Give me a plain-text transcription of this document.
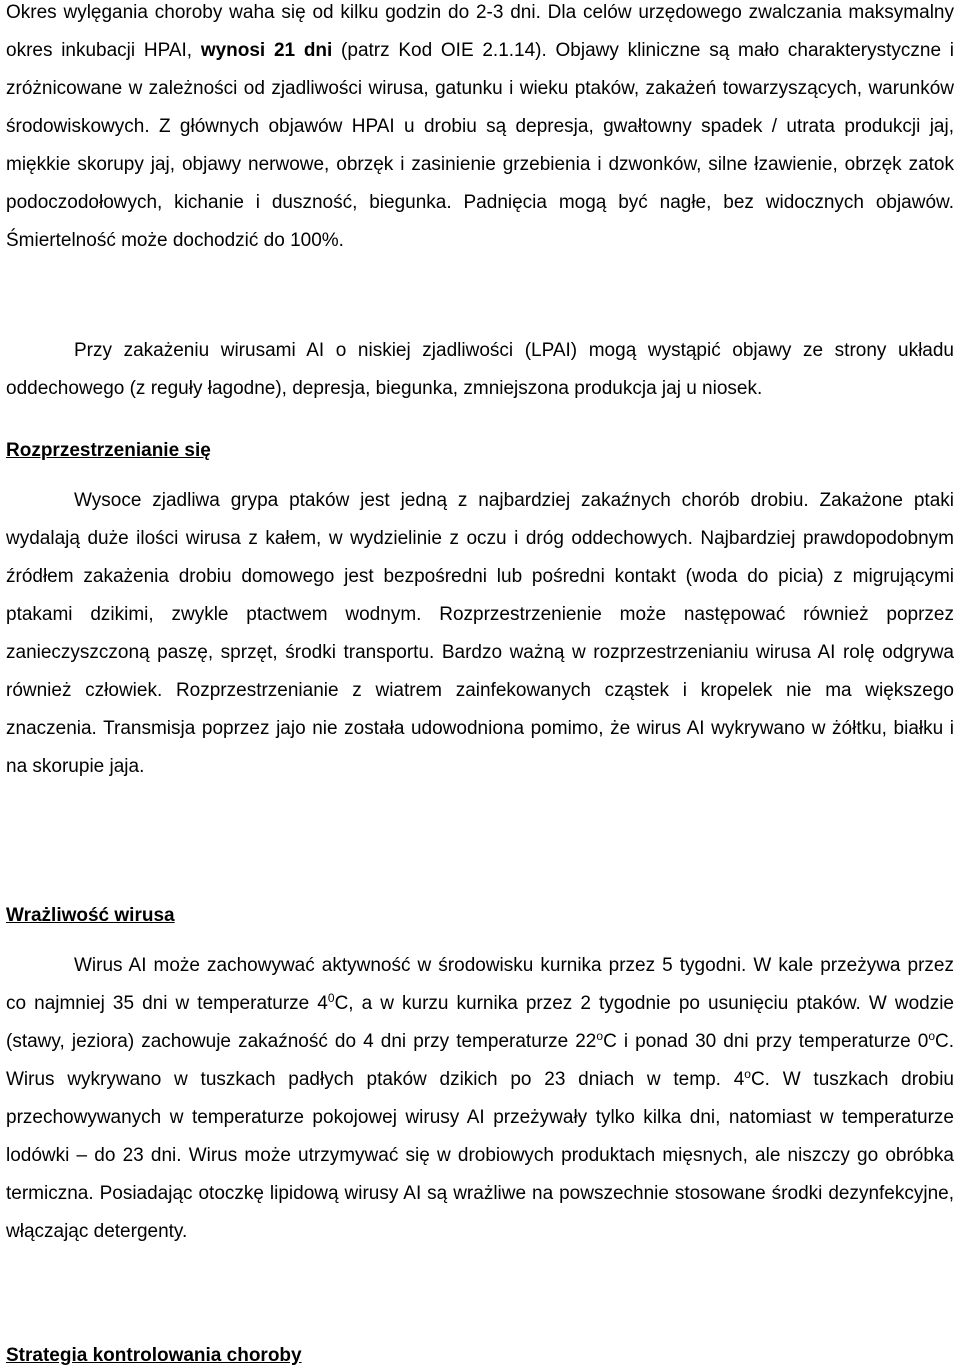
Okres wylęgania choroby waha się od kilku godzin do 2-3 dni. Dla celów urzędowego zwalczania maksymalny okres inkubacji HPAI, wynosi 21 dni (patrz Kod OIE 2.1.14). Objawy kliniczne są mało charakterystyczne i zróżnicowane w zależności od zjadliwości wirusa, gatunku i wieku ptaków, zakażeń towarzyszących, warunków środowiskowych. Z głównych objawów HPAI u drobiu są depresja, gwałtowny spadek / utrata produkcji jaj, miękkie skorupy jaj, objawy nerwowe, obrzęk i zasinienie grzebienia i dzwonków, silne łzawienie, obrzęk zatok podoczodołowych, kichanie i duszność, biegunka. Padnięcia mogą być nagłe, bez widocznych objawów. Śmiertelność może dochodzić do 100%.

Przy zakażeniu wirusami AI o niskiej zjadliwości (LPAI) mogą wystąpić objawy ze strony układu oddechowego (z reguły łagodne), depresja, biegunka, zmniejszona produkcja jaj u niosek.

Rozprzestrzenianie się

Wysoce zjadliwa grypa ptaków jest jedną z najbardziej zakaźnych chorób drobiu. Zakażone ptaki wydalają duże ilości wirusa z kałem, w wydzielinie z oczu i dróg oddechowych. Najbardziej prawdopodobnym źródłem zakażenia drobiu domowego jest bezpośredni lub pośredni kontakt (woda do picia) z migrującymi ptakami dzikimi, zwykle ptactwem wodnym. Rozprzestrzenienie może następować również poprzez zanieczyszczoną paszę, sprzęt, środki transportu. Bardzo ważną w rozprzestrzenianiu wirusa AI rolę odgrywa również człowiek. Rozprzestrzenianie z wiatrem zainfekowanych cząstek i kropelek nie ma większego znaczenia. Transmisja poprzez jajo nie została udowodniona pomimo, że wirus AI wykrywano w żółtku, białku i na skorupie jaja.

Wrażliwość wirusa

Wirus AI może zachowywać aktywność w środowisku kurnika przez 5 tygodni. W kale przeżywa przez co najmniej 35 dni w temperaturze $4^0C$, a w kurzu kurnika przez 2 tygodnie po usunięciu ptaków. W wodzie (stawy, jeziora) zachowuje zakaźność do 4 dni przy temperaturze 22$^o$C i ponad 30 dni przy temperaturze 0$^o$C. Wirus wykrywano w tuszkach padłych ptaków dzikich po 23 dniach w temp. 4$^o$C. W tuszkach drobiu przechowywanych w temperaturze pokojowej wirusy AI przeżywały tylko kilka dni, natomiast w temperaturze lodówki – do 23 dni. Wirus może utrzymywać się w drobiowych produktach mięsnych, ale niszczy go obróbka termiczna. Posiadając otoczkę lipidową wirusy AI są wrażliwe na powszechnie stosowane środki dezynfekcyjne, włączając detergenty.

Strategia kontrolowania choroby
